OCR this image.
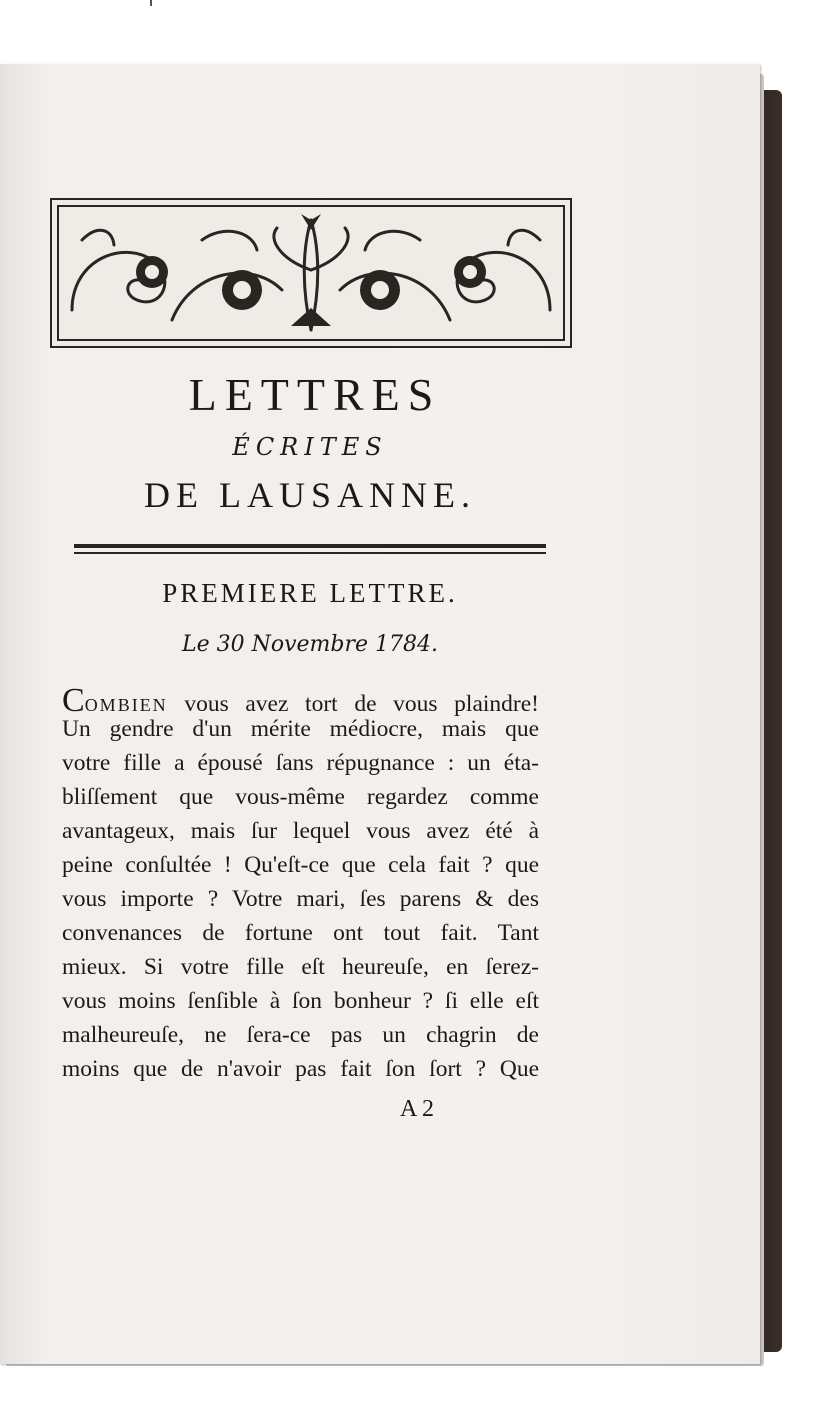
LETTRES
ÉCRITES
DE LAUSANNE.
PREMIERE LETTRE.
Le 30 Novembre 1784.
COMBIEN vous avez tort de vous plaindre!
Un gendre d'un mérite médiocre, mais que
votre fille a épousé ſans répugnance : un éta-
bliſſement que vous-même regardez comme
avantageux, mais ſur lequel vous avez été à
peine conſultée ! Qu'eſt-ce que cela fait ? que
vous importe ? Votre mari, ſes parens & des
convenances de fortune ont tout fait. Tant
mieux. Si votre fille eſt heureuſe, en ſerez-
vous moins ſenſible à ſon bonheur ? ſi elle eſt
malheureuſe, ne ſera-ce pas un chagrin de
moins que de n'avoir pas fait ſon ſort ? Que
A 2
